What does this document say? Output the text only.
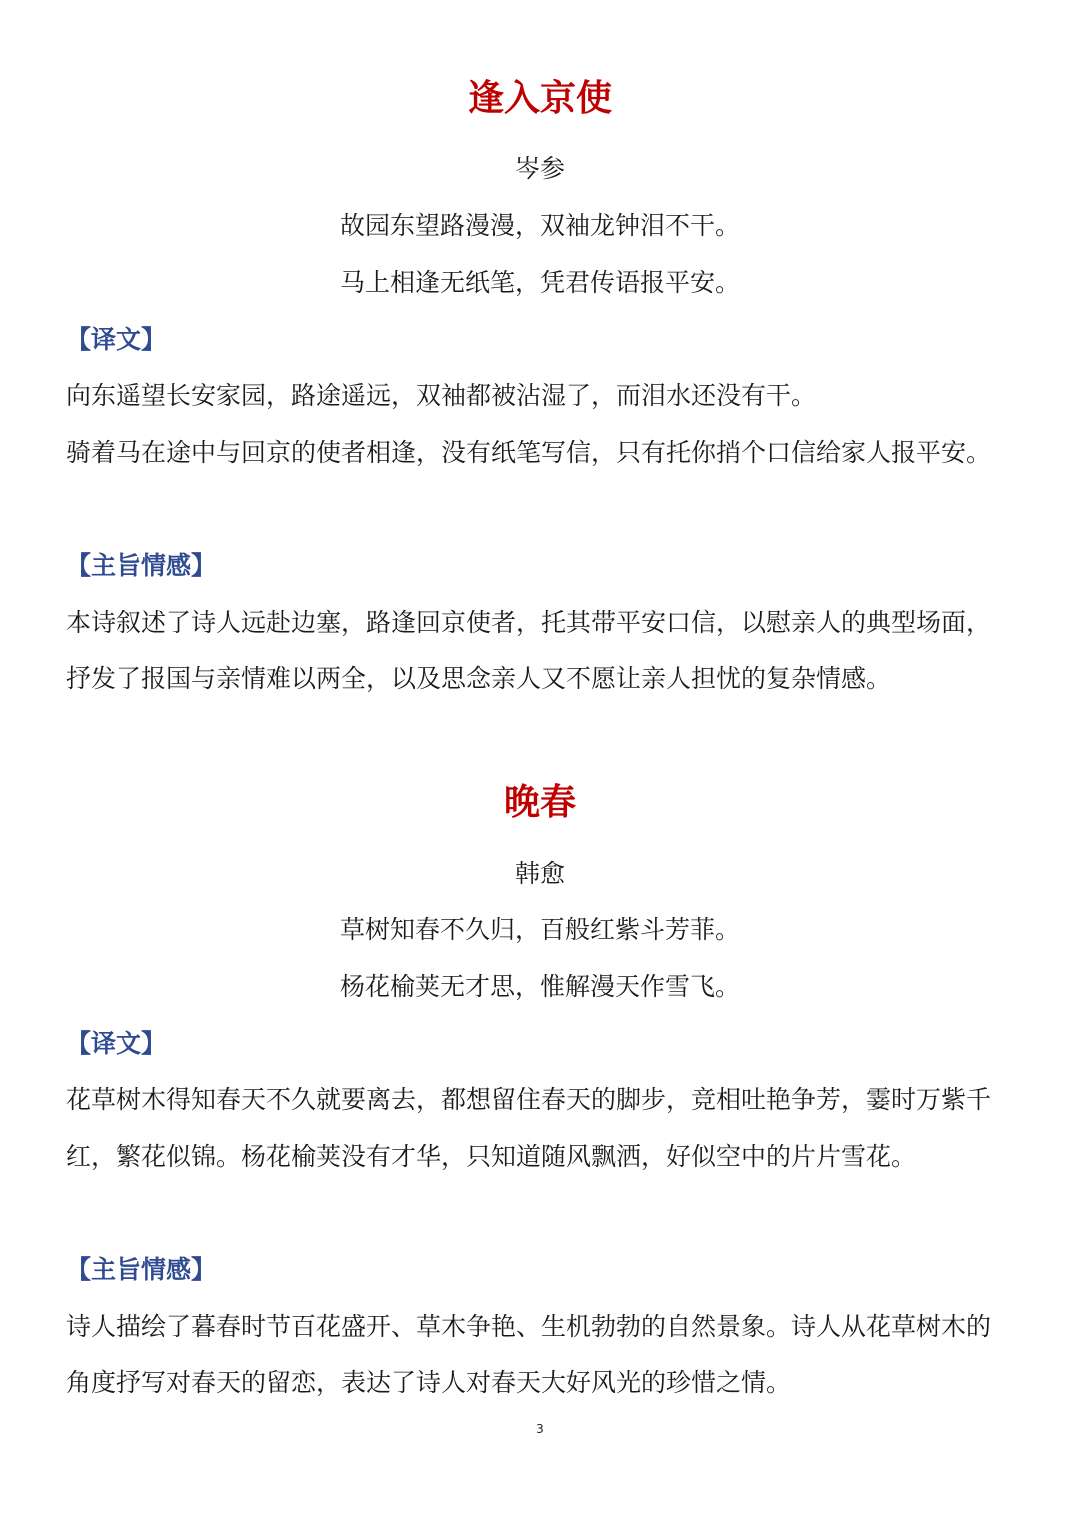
逢入京使
岑参
故园东望路漫漫，双袖龙钟泪不干。
马上相逢无纸笔，凭君传语报平安。
【译文】
向东遥望长安家园，路途遥远，双袖都被沾湿了，而泪水还没有干。
骑着马在途中与回京的使者相逢，没有纸笔写信，只有托你捎个口信给家人报平安。
【主旨情感】
本诗叙述了诗人远赴边塞，路逢回京使者，托其带平安口信，以慰亲人的典型场面，
抒发了报国与亲情难以两全，以及思念亲人又不愿让亲人担忧的复杂情感。
晚春
韩愈
草树知春不久归，百般红紫斗芳菲。
杨花榆荚无才思，惟解漫天作雪飞。
【译文】
花草树木得知春天不久就要离去，都想留住春天的脚步，竞相吐艳争芳，霎时万紫千
红，繁花似锦。杨花榆荚没有才华，只知道随风飘洒，好似空中的片片雪花。
【主旨情感】
诗人描绘了暮春时节百花盛开、草木争艳、生机勃勃的自然景象。诗人从花草树木的
角度抒写对春天的留恋，表达了诗人对春天大好风光的珍惜之情。
3
